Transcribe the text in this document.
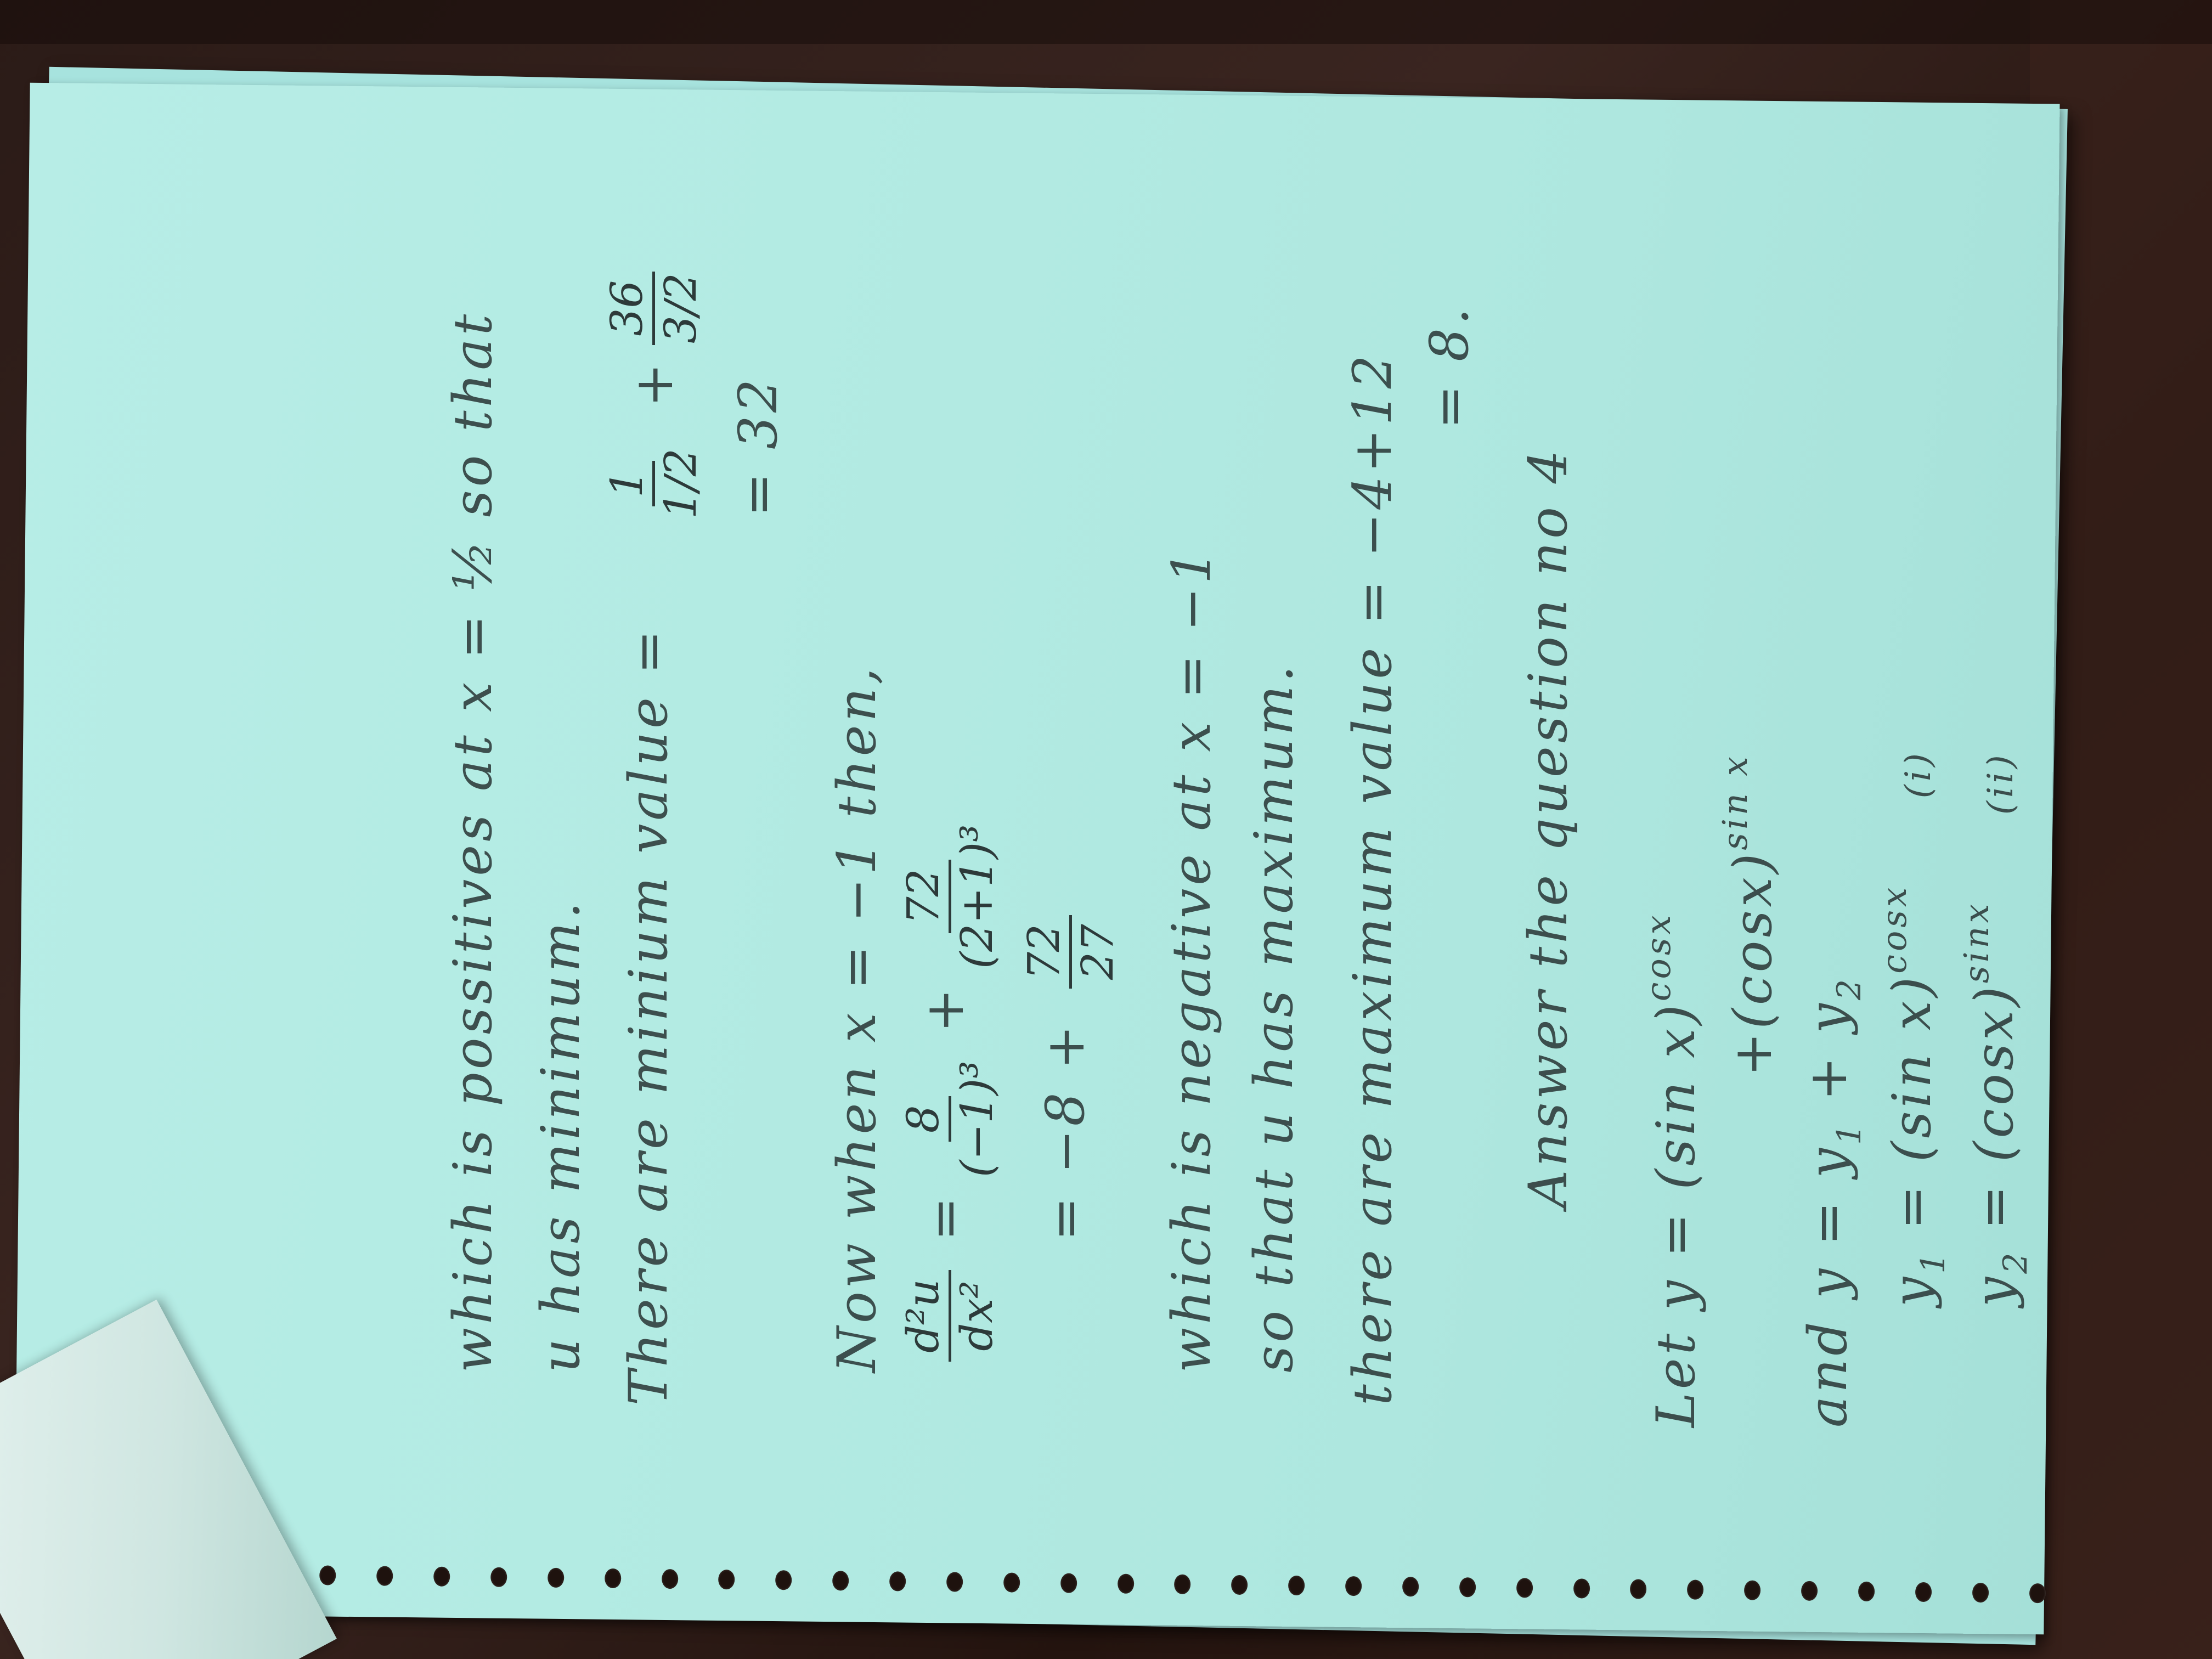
which is possitives at x = ½ so that u has minimum. There are minium value =
1 1/2
+
36 3/2
= 32
Now when x = −1 then, d²u dx²
=
8 (−1)³
+
72 (2+1)³
= −8 +
72 27 which is negative at x = −1 so that u has maximum. there are maximum value = −4+12 = 8.
Answer the question no 4
Let y = (sin $x)^{cosx} +(\cos x)^{sin x}$
and $y = y_1 + y_2$
$y_1 = (\sin$ x)$^{cosx}$ (i)
$y_2 = (\cos x)^{sinx}$ (ii)
